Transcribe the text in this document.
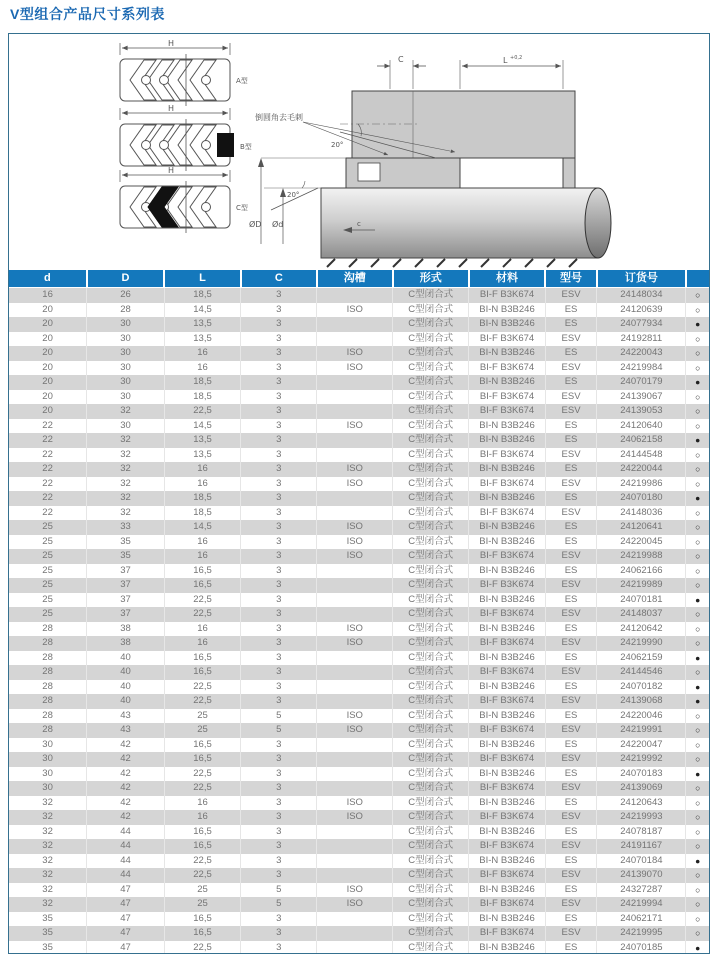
V型组合产品尺寸系列表
H
A型
H
B型
H
C型
C	L +0,2
倒圆角去毛刺
20°
20°
ØD Ød	c
d	D	L	C	沟槽	形式	材料	型号	订货号	
16	26	18,5	3		C型闭合式	BI-F B3K674	ESV	24148034	○
20	28	14,5	3	ISO	C型闭合式	BI-N B3B246	ES	24120639	○
20	30	13,5	3		C型闭合式	BI-N B3B246	ES	24077934	●
20	30	13,5	3		C型闭合式	BI-F B3K674	ESV	24192811	○
20	30	16	3	ISO	C型闭合式	BI-N B3B246	ES	24220043	○
20	30	16	3	ISO	C型闭合式	BI-F B3K674	ESV	24219984	○
20	30	18,5	3		C型闭合式	BI-N B3B246	ES	24070179	●
20	30	18,5	3		C型闭合式	BI-F B3K674	ESV	24139067	○
20	32	22,5	3		C型闭合式	BI-F B3K674	ESV	24139053	○
22	30	14,5	3	ISO	C型闭合式	BI-N B3B246	ES	24120640	○
22	32	13,5	3		C型闭合式	BI-N B3B246	ES	24062158	●
22	32	13,5	3		C型闭合式	BI-F B3K674	ESV	24144548	○
22	32	16	3	ISO	C型闭合式	BI-N B3B246	ES	24220044	○
22	32	16	3	ISO	C型闭合式	BI-F B3K674	ESV	24219986	○
22	32	18,5	3		C型闭合式	BI-N B3B246	ES	24070180	●
22	32	18,5	3		C型闭合式	BI-F B3K674	ESV	24148036	○
25	33	14,5	3	ISO	C型闭合式	BI-N B3B246	ES	24120641	○
25	35	16	3	ISO	C型闭合式	BI-N B3B246	ES	24220045	○
25	35	16	3	ISO	C型闭合式	BI-F B3K674	ESV	24219988	○
25	37	16,5	3		C型闭合式	BI-N B3B246	ES	24062166	○
25	37	16,5	3		C型闭合式	BI-F B3K674	ESV	24219989	○
25	37	22,5	3		C型闭合式	BI-N B3B246	ES	24070181	●
25	37	22,5	3		C型闭合式	BI-F B3K674	ESV	24148037	○
28	38	16	3	ISO	C型闭合式	BI-N B3B246	ES	24120642	○
28	38	16	3	ISO	C型闭合式	BI-F B3K674	ESV	24219990	○
28	40	16,5	3		C型闭合式	BI-N B3B246	ES	24062159	●
28	40	16,5	3		C型闭合式	BI-F B3K674	ESV	24144546	○
28	40	22,5	3		C型闭合式	BI-N B3B246	ES	24070182	●
28	40	22,5	3		C型闭合式	BI-F B3K674	ESV	24139068	●
28	43	25	5	ISO	C型闭合式	BI-N B3B246	ES	24220046	○
28	43	25	5	ISO	C型闭合式	BI-F B3K674	ESV	24219991	○
30	42	16,5	3		C型闭合式	BI-N B3B246	ES	24220047	○
30	42	16,5	3		C型闭合式	BI-F B3K674	ESV	24219992	○
30	42	22,5	3		C型闭合式	BI-N B3B246	ES	24070183	●
30	42	22,5	3		C型闭合式	BI-F B3K674	ESV	24139069	○
32	42	16	3	ISO	C型闭合式	BI-N B3B246	ES	24120643	○
32	42	16	3	ISO	C型闭合式	BI-F B3K674	ESV	24219993	○
32	44	16,5	3		C型闭合式	BI-N B3B246	ES	24078187	○
32	44	16,5	3		C型闭合式	BI-F B3K674	ESV	24191167	○
32	44	22,5	3		C型闭合式	BI-N B3B246	ES	24070184	●
32	44	22,5	3		C型闭合式	BI-F B3K674	ESV	24139070	○
32	47	25	5	ISO	C型闭合式	BI-N B3B246	ES	24327287	○
32	47	25	5	ISO	C型闭合式	BI-F B3K674	ESV	24219994	○
35	47	16,5	3		C型闭合式	BI-N B3B246	ES	24062171	○
35	47	16,5	3		C型闭合式	BI-F B3K674	ESV	24219995	○
35	47	22,5	3		C型闭合式	BI-N B3B246	ES	24070185	●
